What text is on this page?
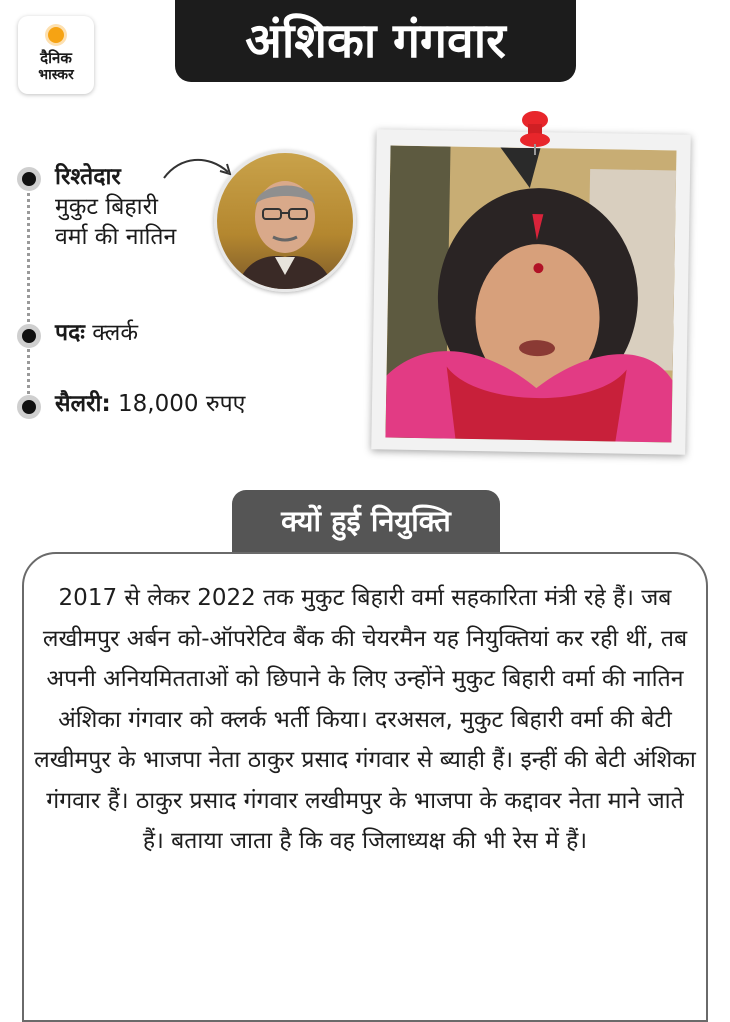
दैनिक
भास्कर
अंशिका गंगवार
रिश्तेदार
मुकुट बिहारी
वर्मा की नातिन
पदः क्लर्क
सैलरी: 18,000 रुपए
क्यों हुई नियुक्ति
2017 से लेकर 2022 तक मुकुट बिहारी वर्मा सहकारिता मंत्री रहे हैं। जब लखीमपुर अर्बन को-ऑपरेटिव बैंक की चेयरमैन यह नियुक्तियां कर रही थीं, तब अपनी अनियमितताओं को छिपाने के लिए उन्होंने मुकुट बिहारी वर्मा की नातिन अंशिका गंगवार को क्लर्क भर्ती किया। दरअसल, मुकुट बिहारी वर्मा की बेटी लखीमपुर के भाजपा नेता ठाकुर प्रसाद गंगवार से ब्याही हैं। इन्हीं की बेटी अंशिका गंगवार हैं। ठाकुर प्रसाद गंगवार लखीमपुर के भाजपा के कद्दावर नेता माने जाते हैं। बताया जाता है कि वह जिलाध्यक्ष की भी रेस में हैं।
